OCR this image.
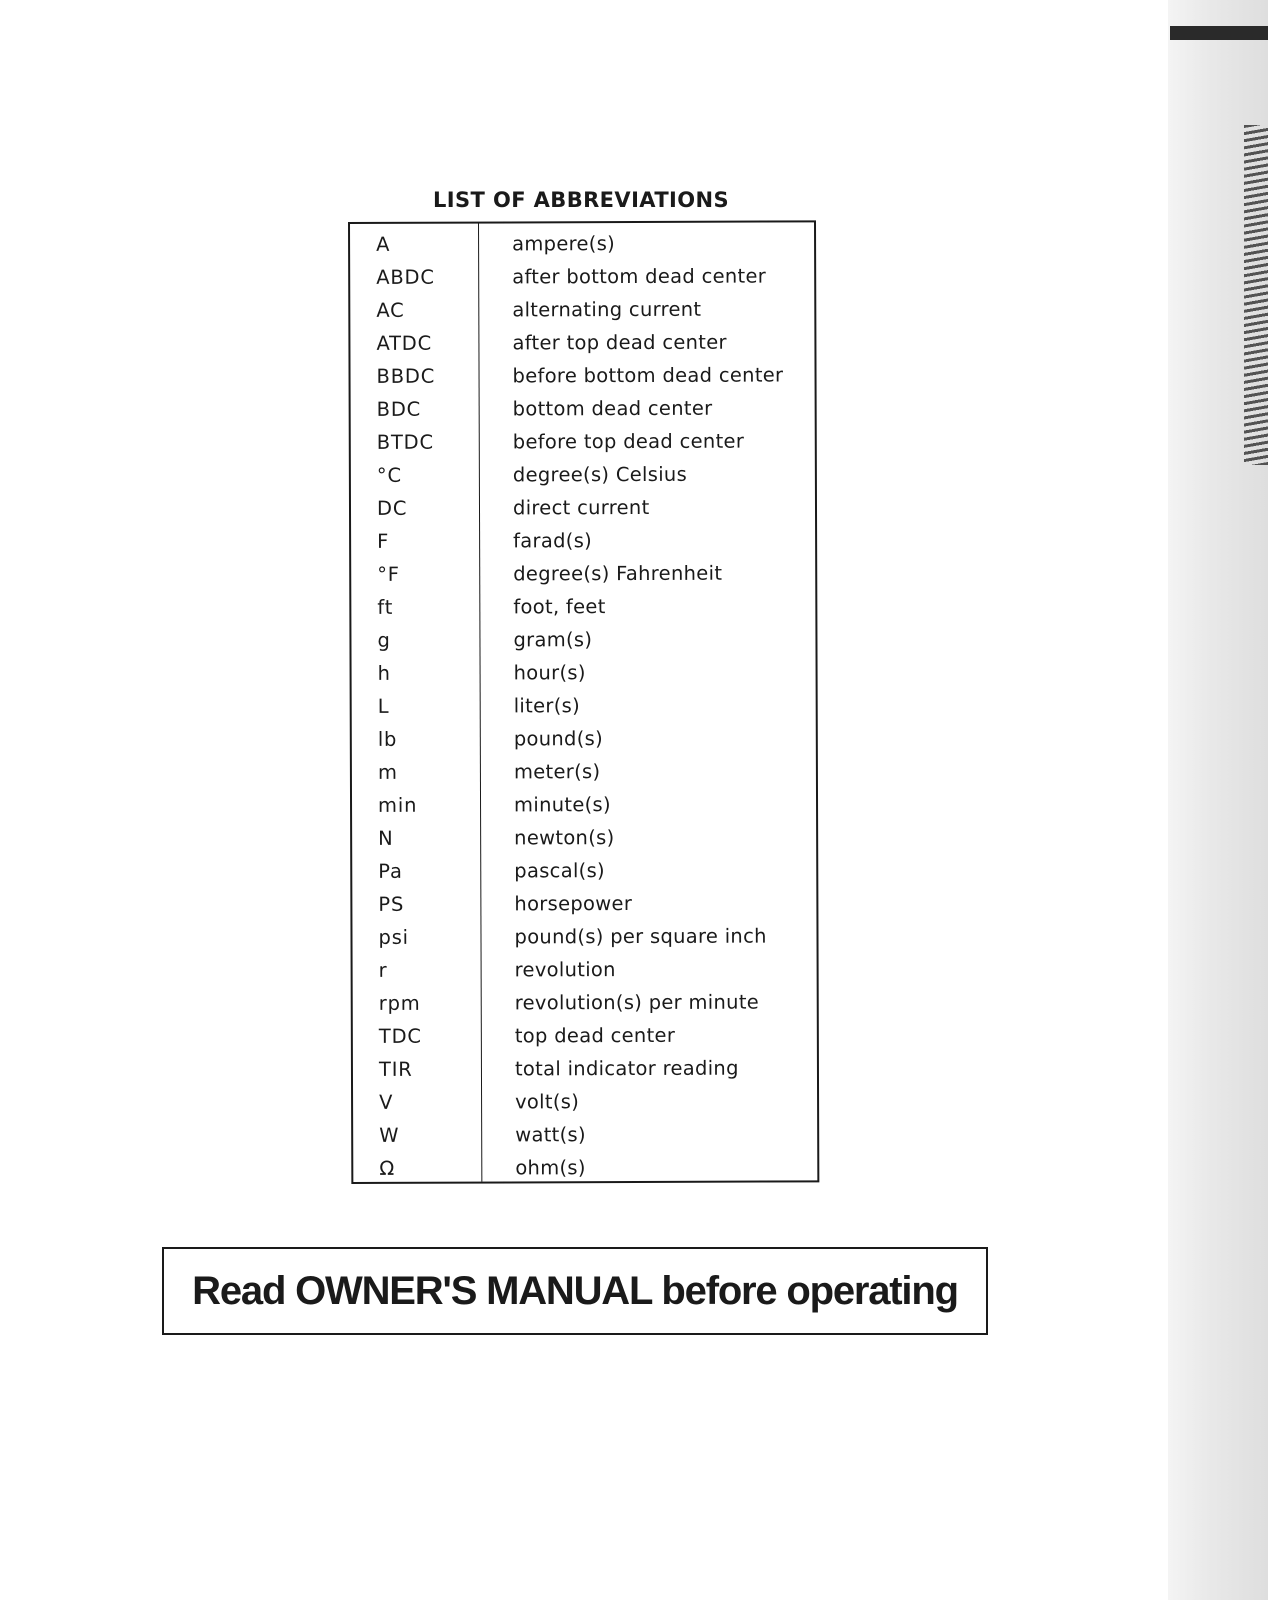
LIST OF ABBREVIATIONS
A	ampere(s)
ABDC	after bottom dead center
AC	alternating current
ATDC	after top dead center
BBDC	before bottom dead center
BDC	bottom dead center
BTDC	before top dead center
°C	degree(s) Celsius
DC	direct current
F	farad(s)
°F	degree(s) Fahrenheit
ft	foot, feet
g	gram(s)
h	hour(s)
L	liter(s)
lb	pound(s)
m	meter(s)
min	minute(s)
N	newton(s)
Pa	pascal(s)
PS	horsepower
psi	pound(s) per square inch
r	revolution
rpm	revolution(s) per minute
TDC	top dead center
TIR	total indicator reading
V	volt(s)
W	watt(s)
Ω	ohm(s)
Read OWNER'S MANUAL before operating
